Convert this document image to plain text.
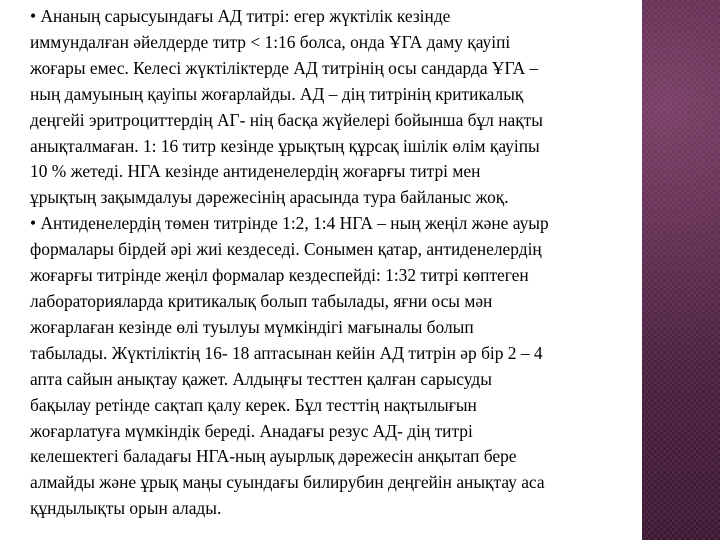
• Ананың сарысуындағы АД титрі: егер жүктілік кезінде
иммундалған әйелдерде титр < 1:16 болса, онда ҰГА даму қауіпі
жоғары емес. Келесі жүктіліктерде АД титрінің осы сандарда ҰГА –
ның дамуының қауіпы жоғарлайды. АД – дің титрінің критикалық
деңгейі эритроциттердің АГ- нің басқа жүйелері бойынша бұл нақты
анықталмаған. 1: 16 титр кезінде ұрықтың құрсақ ішілік өлім қауіпы
10 % жетеді. НГА кезінде антиденелердің жоғарғы титрі мен
ұрықтың зақымдалуы дәрежесінің арасында тура байланыс жоқ.
• Антиденелердің төмен титрінде 1:2, 1:4 НГА – ның жеңіл және ауыр
формалары бірдей әрі жиі кездеседі. Сонымен қатар, антиденелердің
жоғарғы титрінде жеңіл формалар кездеспейді: 1:32 титрі көптеген
лабораторияларда критикалық болып табылады, яғни осы мән
жоғарлаған кезінде өлі туылуы мүмкіндігі мағыналы болып
табылады. Жүктіліктің 16- 18 аптасынан кейін АД титрін әр бір 2 – 4
апта сайын анықтау қажет. Алдыңғы тесттен қалған сарысуды
бақылау ретінде сақтап қалу керек. Бұл тесттің нақтылығын
жоғарлатуға мүмкіндік береді. Анадағы резус АД- дің титрі
келешектегі баладағы НГА-ның ауырлық дәрежесін анқытап бере
алмайды және ұрық маңы суындағы билирубин деңгейін анықтау аса
құндылықты орын алады.
